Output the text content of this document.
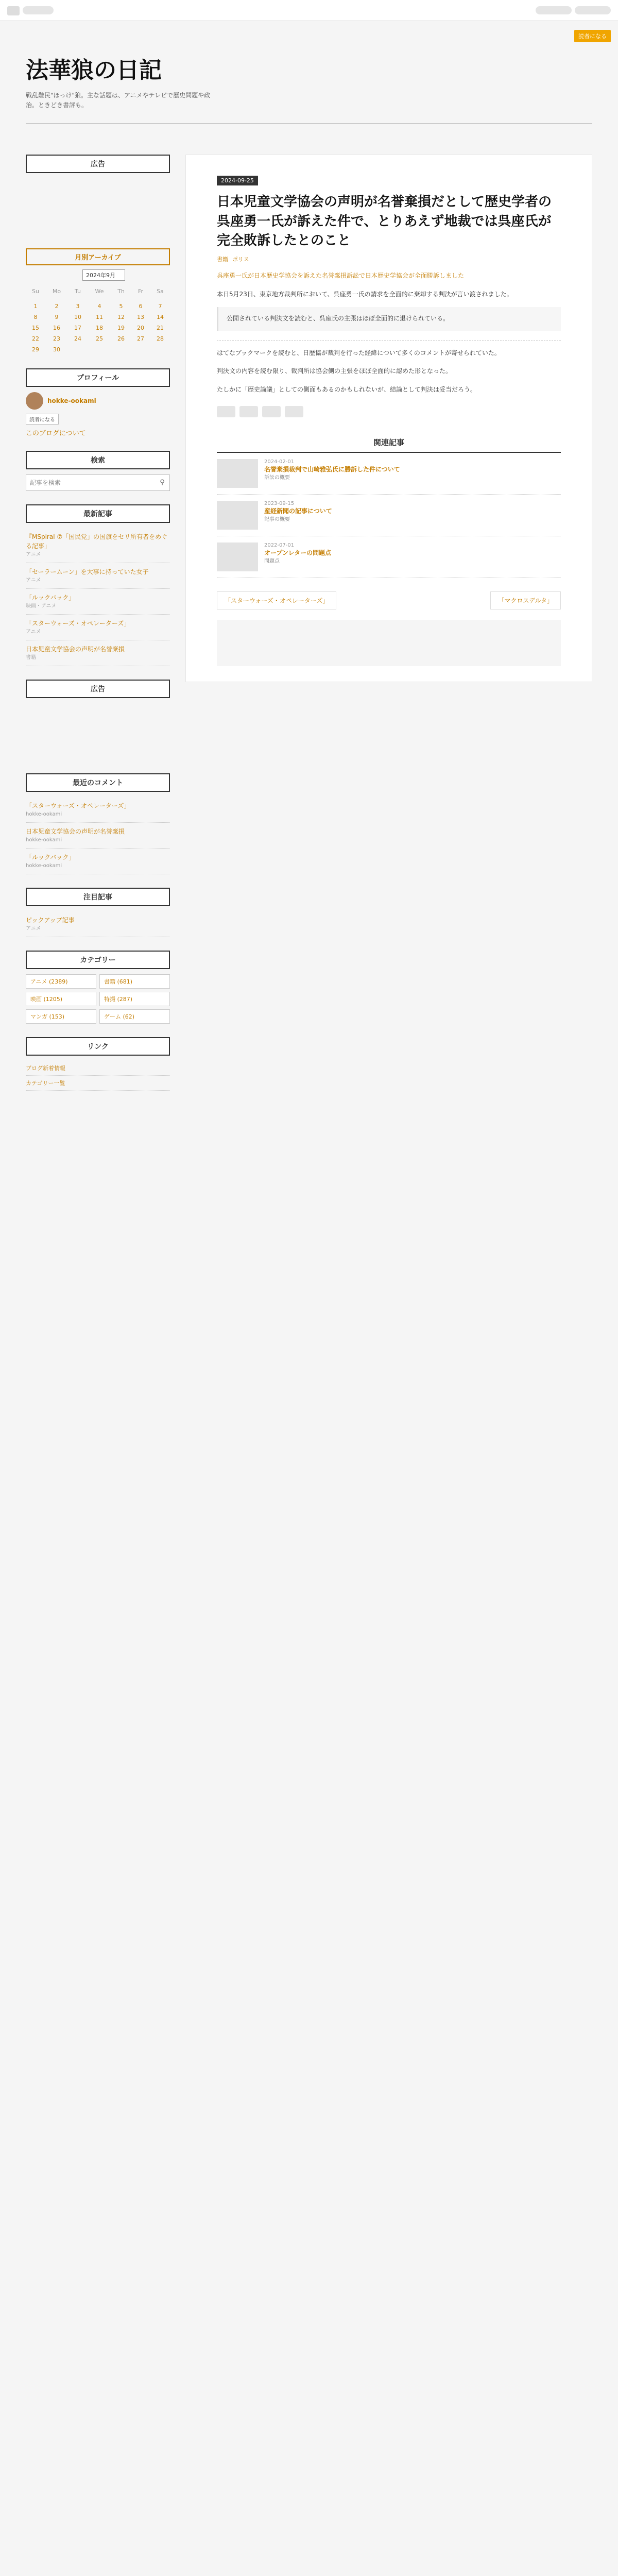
読者になる
法華狼の日記
戦乱難民"ほっけ"狼。主な話題は、アニメやテレビで歴史問題や政治。ときどき書評も。
広告
月別アーカイブ
2024年9月
Su	Mo	Tu	We	Th	Fr	Sa

1	2	3	4	5	6	7
8	9	10	11	12	13	14
15	16	17	18	19	20	21
22	23	24	25	26	27	28
29	30					
プロフィール
hokke-ookami
読者になる
このブログについて
検索
記事を検索
⚲
最新記事
『MSpiral ⑦「国民党」の国旗をセリ所有者をめぐる記事」
アニメ
「セーラームーン」を大事に持っていた女子
アニメ
「ルックバック」
映画・アニメ
「スターウォーズ・オペレーターズ」
アニメ
日本児童文学協会の声明が名誉棄損
書籍
広告
最近のコメント
「スターウォーズ・オペレーターズ」
hokke-ookami
日本児童文学協会の声明が名誉棄損
hokke-ookami
「ルックバック」
hokke-ookami
注目記事
ピックアップ記事
アニメ
カテゴリー
アニメ (2389)	書籍 (681)
映画 (1205)	特撮 (287)
マンガ (153)	ゲーム (62)
リンク
ブログ新着情報
カテゴリー一覧
2024-09-25
日本児童文学協会の声明が名誉棄損だとして歴史学者の呉座勇一氏が訴えた件で、とりあえず地裁では呉座氏が完全敗訴したとのこと
書籍 ポリス

呉座勇一氏が日本歴史学協会を訴えた名誉棄損訴訟で日本歴史学協会が全面勝訴しました

本日5月23日、東京地方裁判所において、呉座勇一氏の請求を全面的に棄却する判決が言い渡されました。

公開されている判決文を読むと、呉座氏の主張はほぼ全面的に退けられている。

はてなブックマークを読むと、日歴協が裁判を行った経緯について多くのコメントが寄せられていた。

判決文の内容を読む限り、裁判所は協会側の主張をほぼ全面的に認めた形となった。

たしかに「歴史論議」としての側面もあるのかもしれないが、結論として判決は妥当だろう。

関連記事
2024-02-01
名誉棄損裁判で山崎雅弘氏に勝訴した件について
訴訟の概要
2023-09-15
産経新聞の記事について
記事の概要
2022-07-01
オープンレターの問題点
問題点
「スターウォーズ・オペレーターズ」	「マクロスデルタ」
